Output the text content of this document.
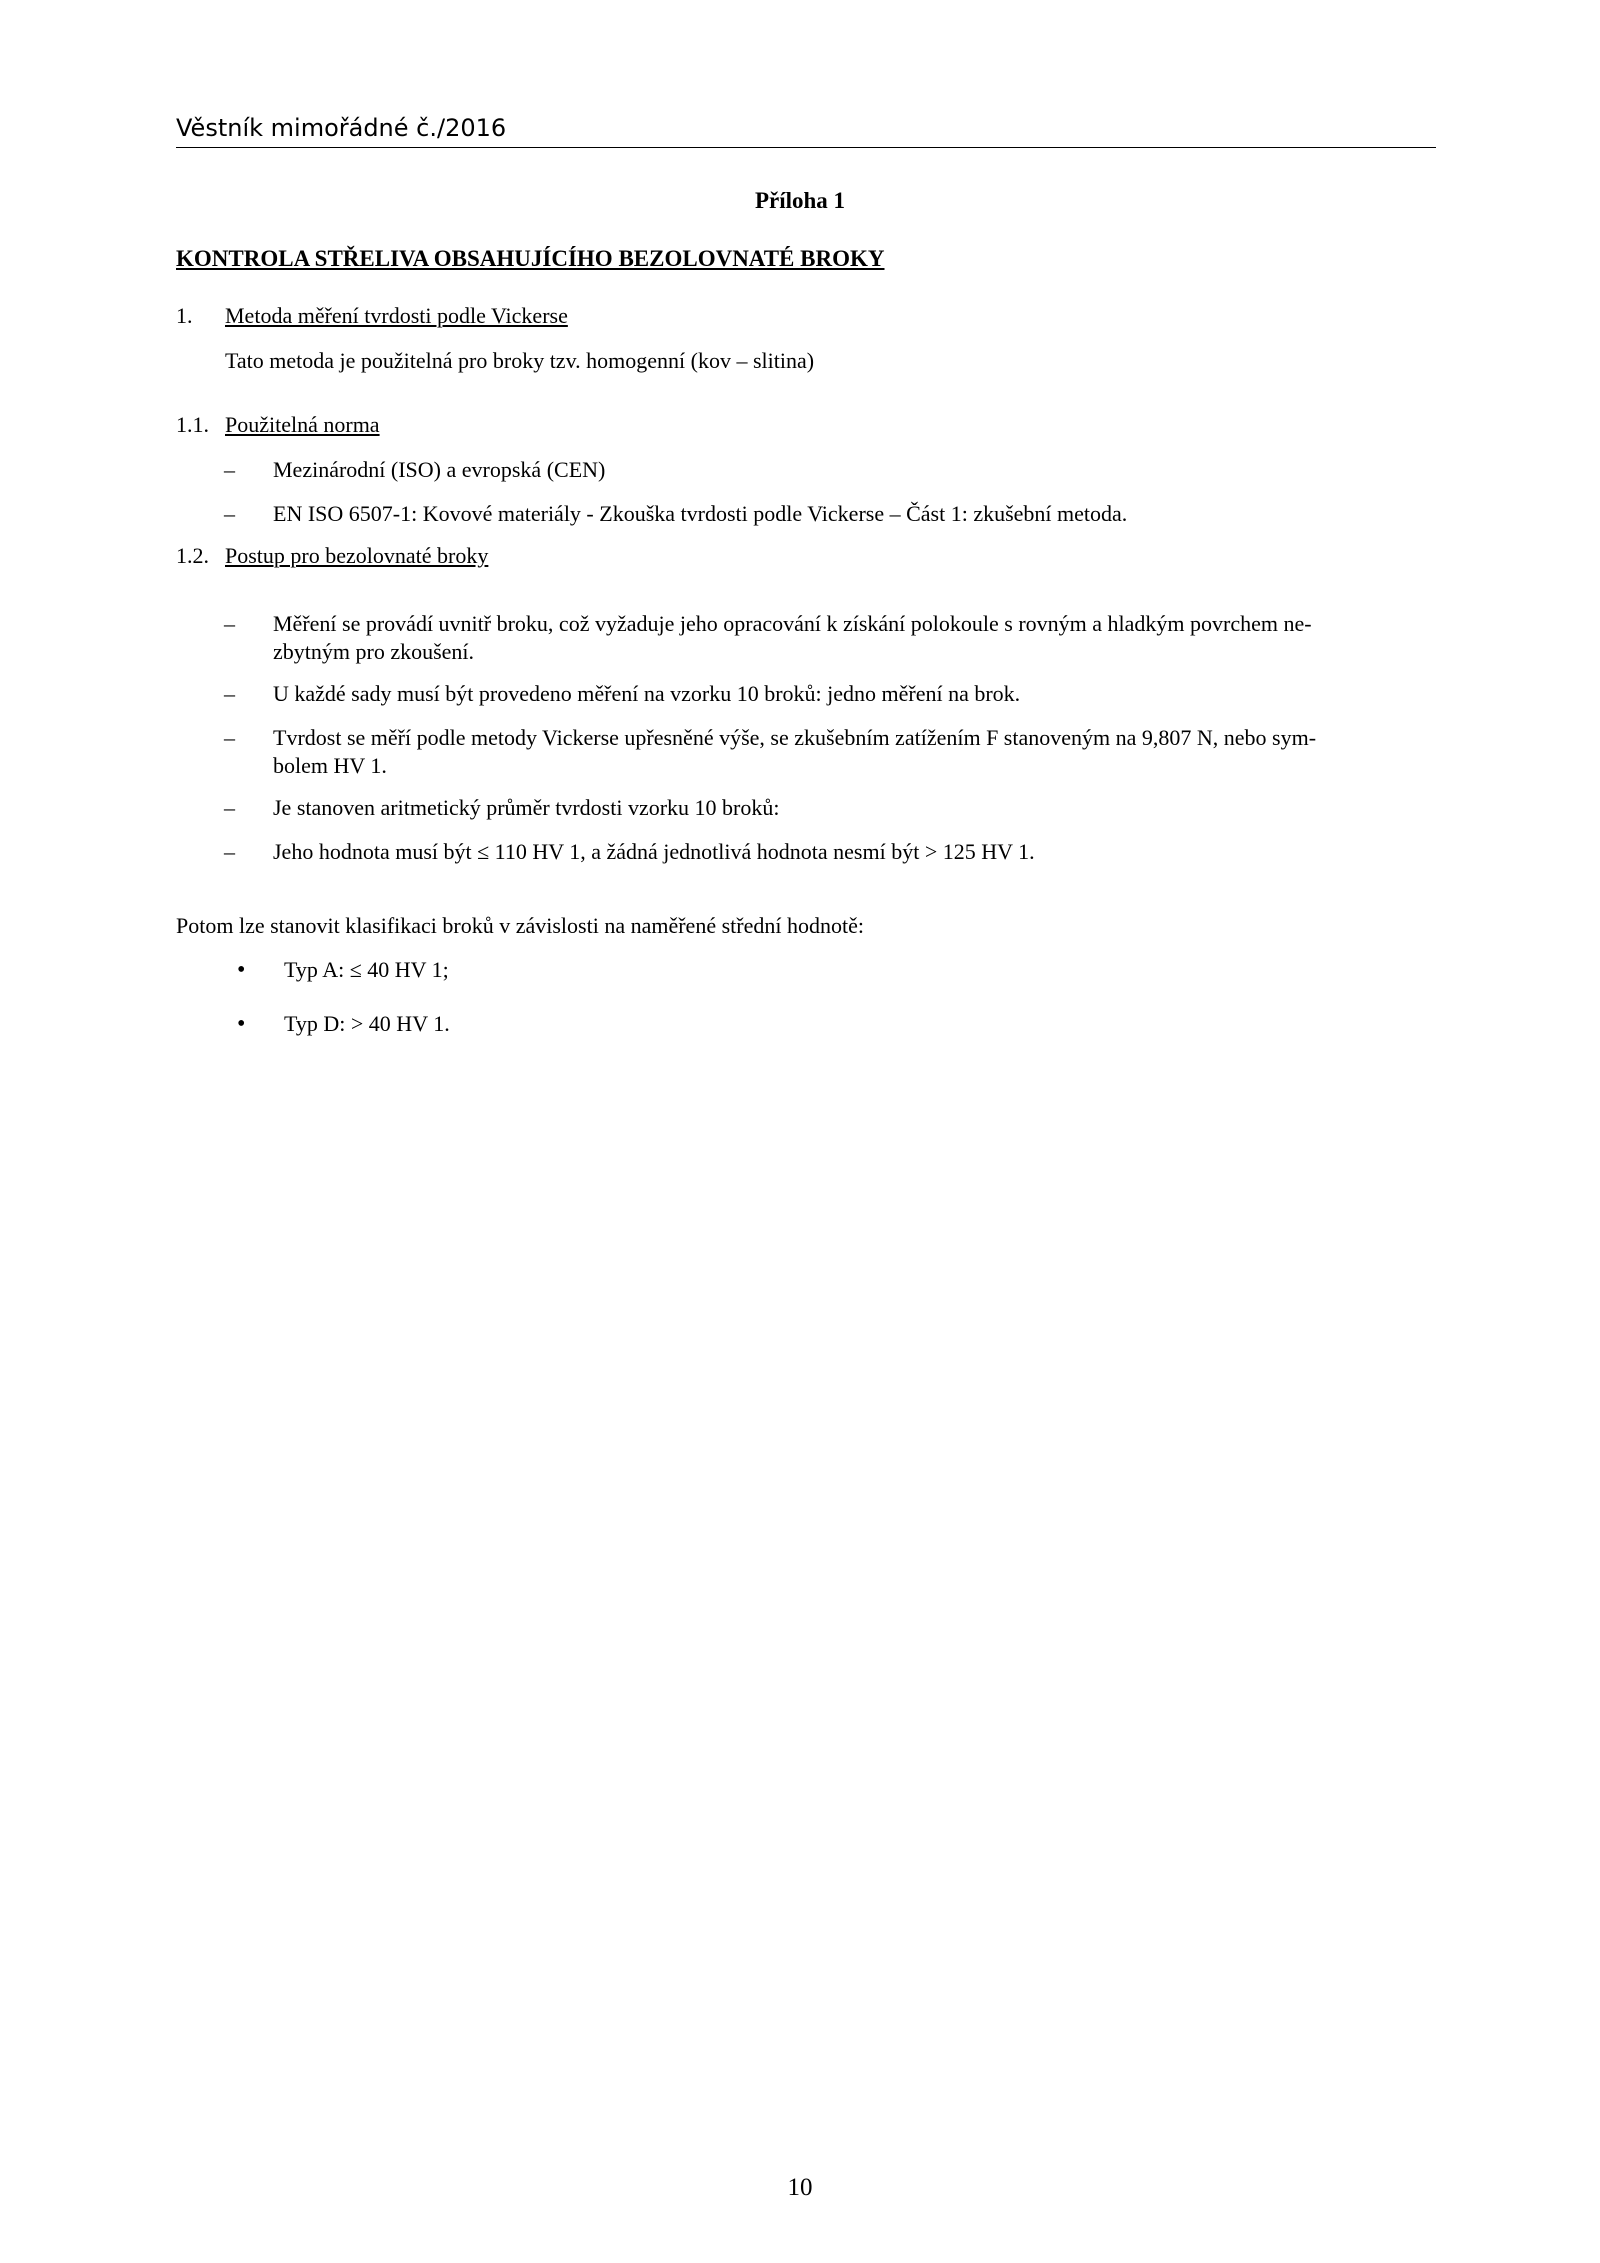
Věstník mimořádné č./2016
Příloha 1
KONTROLA STŘELIVA OBSAHUJÍCÍHO BEZOLOVNATÉ BROKY
1. Metoda měření tvrdosti podle Vickerse
Tato metoda je použitelná pro broky tzv. homogenní (kov – slitina)
1.1. Použitelná norma
– Mezinárodní (ISO) a evropská (CEN)
– EN ISO 6507-1: Kovové materiály - Zkouška tvrdosti podle Vickerse – Část 1: zkušební metoda.
1.2. Postup pro bezolovnaté broky
– Měření se provádí uvnitř broku, což vyžaduje jeho opracování k získání polokoule s rovným a hladkým povrchem ne-
zbytným pro zkoušení.
– U každé sady musí být provedeno měření na vzorku 10 broků: jedno měření na brok.
– Tvrdost se měří podle metody Vickerse upřesněné výše, se zkušebním zatížením F stanoveným na 9,807 N, nebo sym-
bolem HV 1.
– Je stanoven aritmetický průměr tvrdosti vzorku 10 broků:
– Jeho hodnota musí být ≤ 110 HV 1, a žádná jednotlivá hodnota nesmí být > 125 HV 1.
Potom lze stanovit klasifikaci broků v závislosti na naměřené střední hodnotě:
• Typ A: ≤ 40 HV 1;
• Typ D: > 40 HV 1.
10
